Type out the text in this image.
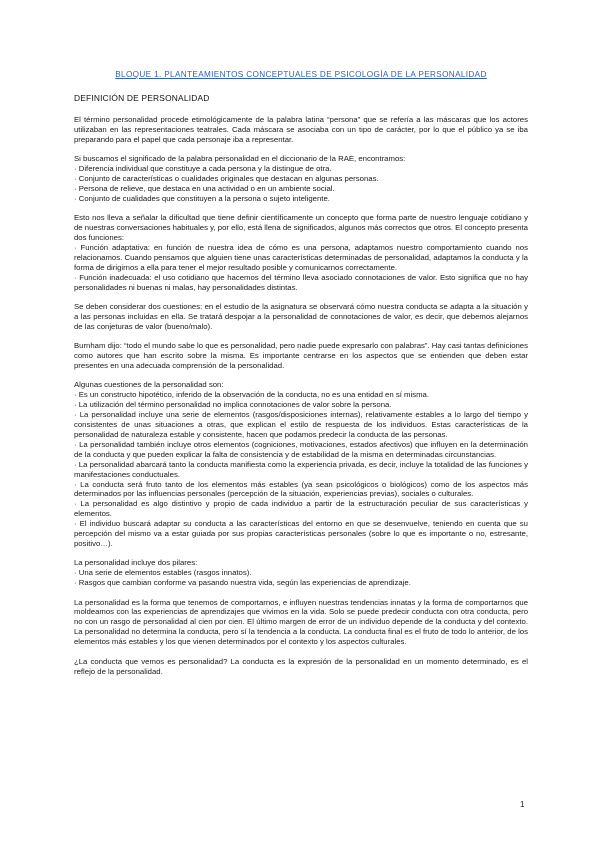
BLOQUE 1. PLANTEAMIENTOS CONCEPTUALES DE PSICOLOGÍA DE LA PERSONALIDAD
DEFINICIÓN DE PERSONALIDAD
El término personalidad procede etimológicamente de la palabra latina “persona” que se refería a las máscaras que los actores utilizaban en las representaciones teatrales. Cada máscara se asociaba con un tipo de carácter, por lo que el público ya se iba preparando para el papel que cada personaje iba a representar.
Si buscamos el significado de la palabra personalidad en el diccionario de la RAE, encontramos:
· Diferencia individual que constituye a cada persona y la distingue de otra.
· Conjunto de características o cualidades originales que destacan en algunas personas.
· Persona de relieve, que destaca en una actividad o en un ambiente social.
· Conjunto de cualidades que constituyen a la persona o sujeto inteligente.
Esto nos lleva a señalar la dificultad que tiene definir científicamente un concepto que forma parte de nuestro lenguaje cotidiano y de nuestras conversaciones habituales y, por ello, está llena de significados, algunos más correctos que otros. El concepto presenta dos funciones:
· Función adaptativa: en función de nuestra idea de cómo es una persona, adaptamos nuestro comportamiento cuando nos relacionamos. Cuando pensamos que alguien tiene unas características determinadas de personalidad, adaptamos la conducta y la forma de dirigirnos a ella para tener el mejor resultado posible y comunicarnos correctamente.
· Función inadecuada: el uso cotidiano que hacemos del término lleva asociado connotaciones de valor. Esto significa que no hay personalidades ni buenas ni malas, hay personalidades distintas.
Se deben considerar dos cuestiones: en el estudio de la asignatura se observará cómo nuestra conducta se adapta a la situación y a las personas incluidas en ella. Se tratará despojar a la personalidad de connotaciones de valor, es decir, que debemos alejarnos de las conjeturas de valor (bueno/malo).
Burnham dijo: “todo el mundo sabe lo que es personalidad, pero nadie puede expresarlo con palabras”. Hay casi tantas definiciones como autores que han escrito sobre la misma. Es importante centrarse en los aspectos que se entienden que deben estar presentes en una adecuada comprensión de la personalidad.
Algunas cuestiones de la personalidad son:
· Es un constructo hipotético, inferido de la observación de la conducta, no es una entidad en sí misma.
· La utilización del término personalidad no implica connotaciones de valor sobre la persona.
· La personalidad incluye una serie de elementos (rasgos/disposiciones internas), relativamente estables a lo largo del tiempo y consistentes de unas situaciones a otras, que explican el estilo de respuesta de los individuos. Estas características de la personalidad de naturaleza estable y consistente, hacen que podamos predecir la conducta de las personas.
· La personalidad también incluye otros elementos (cogniciones, motivaciones, estados afectivos) que influyen en la determinación de la conducta y que pueden explicar la falta de consistencia y de estabilidad de la misma en determinadas circunstancias.
· La personalidad abarcará tanto la conducta manifiesta como la experiencia privada, es decir, incluye la totalidad de las funciones y manifestaciones conductuales.
· La conducta será fruto tanto de los elementos más estables (ya sean psicológicos o biológicos) como de los aspectos más determinados por las influencias personales (percepción de la situación, experiencias previas), sociales o culturales.
· La personalidad es algo distintivo y propio de cada individuo a partir de la estructuración peculiar de sus características y elementos.
· El individuo buscará adaptar su conducta a las características del entorno en que se desenvuelve, teniendo en cuenta que su percepción del mismo va a estar guiada por sus propias características personales (sobre lo que es importante o no, estresante, positivo…).
La personalidad incluye dos pilares:
· Una serie de elementos estables (rasgos innatos).
· Rasgos que cambian conforme va pasando nuestra vida, según las experiencias de aprendizaje.
La personalidad es la forma que tenemos de comportarnos, e influyen nuestras tendencias innatas y la forma de comportarnos que moldeamos con las experiencias de aprendizajes que vivimos en la vida. Solo se puede predecir conducta con otra conducta, pero no con un rasgo de personalidad al cien por cien. El último margen de error de un individuo depende de la conducta y del contexto. La personalidad no determina la conducta, pero sí la tendencia a la conducta. La conducta final es el fruto de todo lo anterior, de los elementos más estables y los que vienen determinados por el contexto y los aspectos culturales.
¿La conducta que vemos es personalidad? La conducta es la expresión de la personalidad en un momento determinado, es el reflejo de la personalidad.
1
